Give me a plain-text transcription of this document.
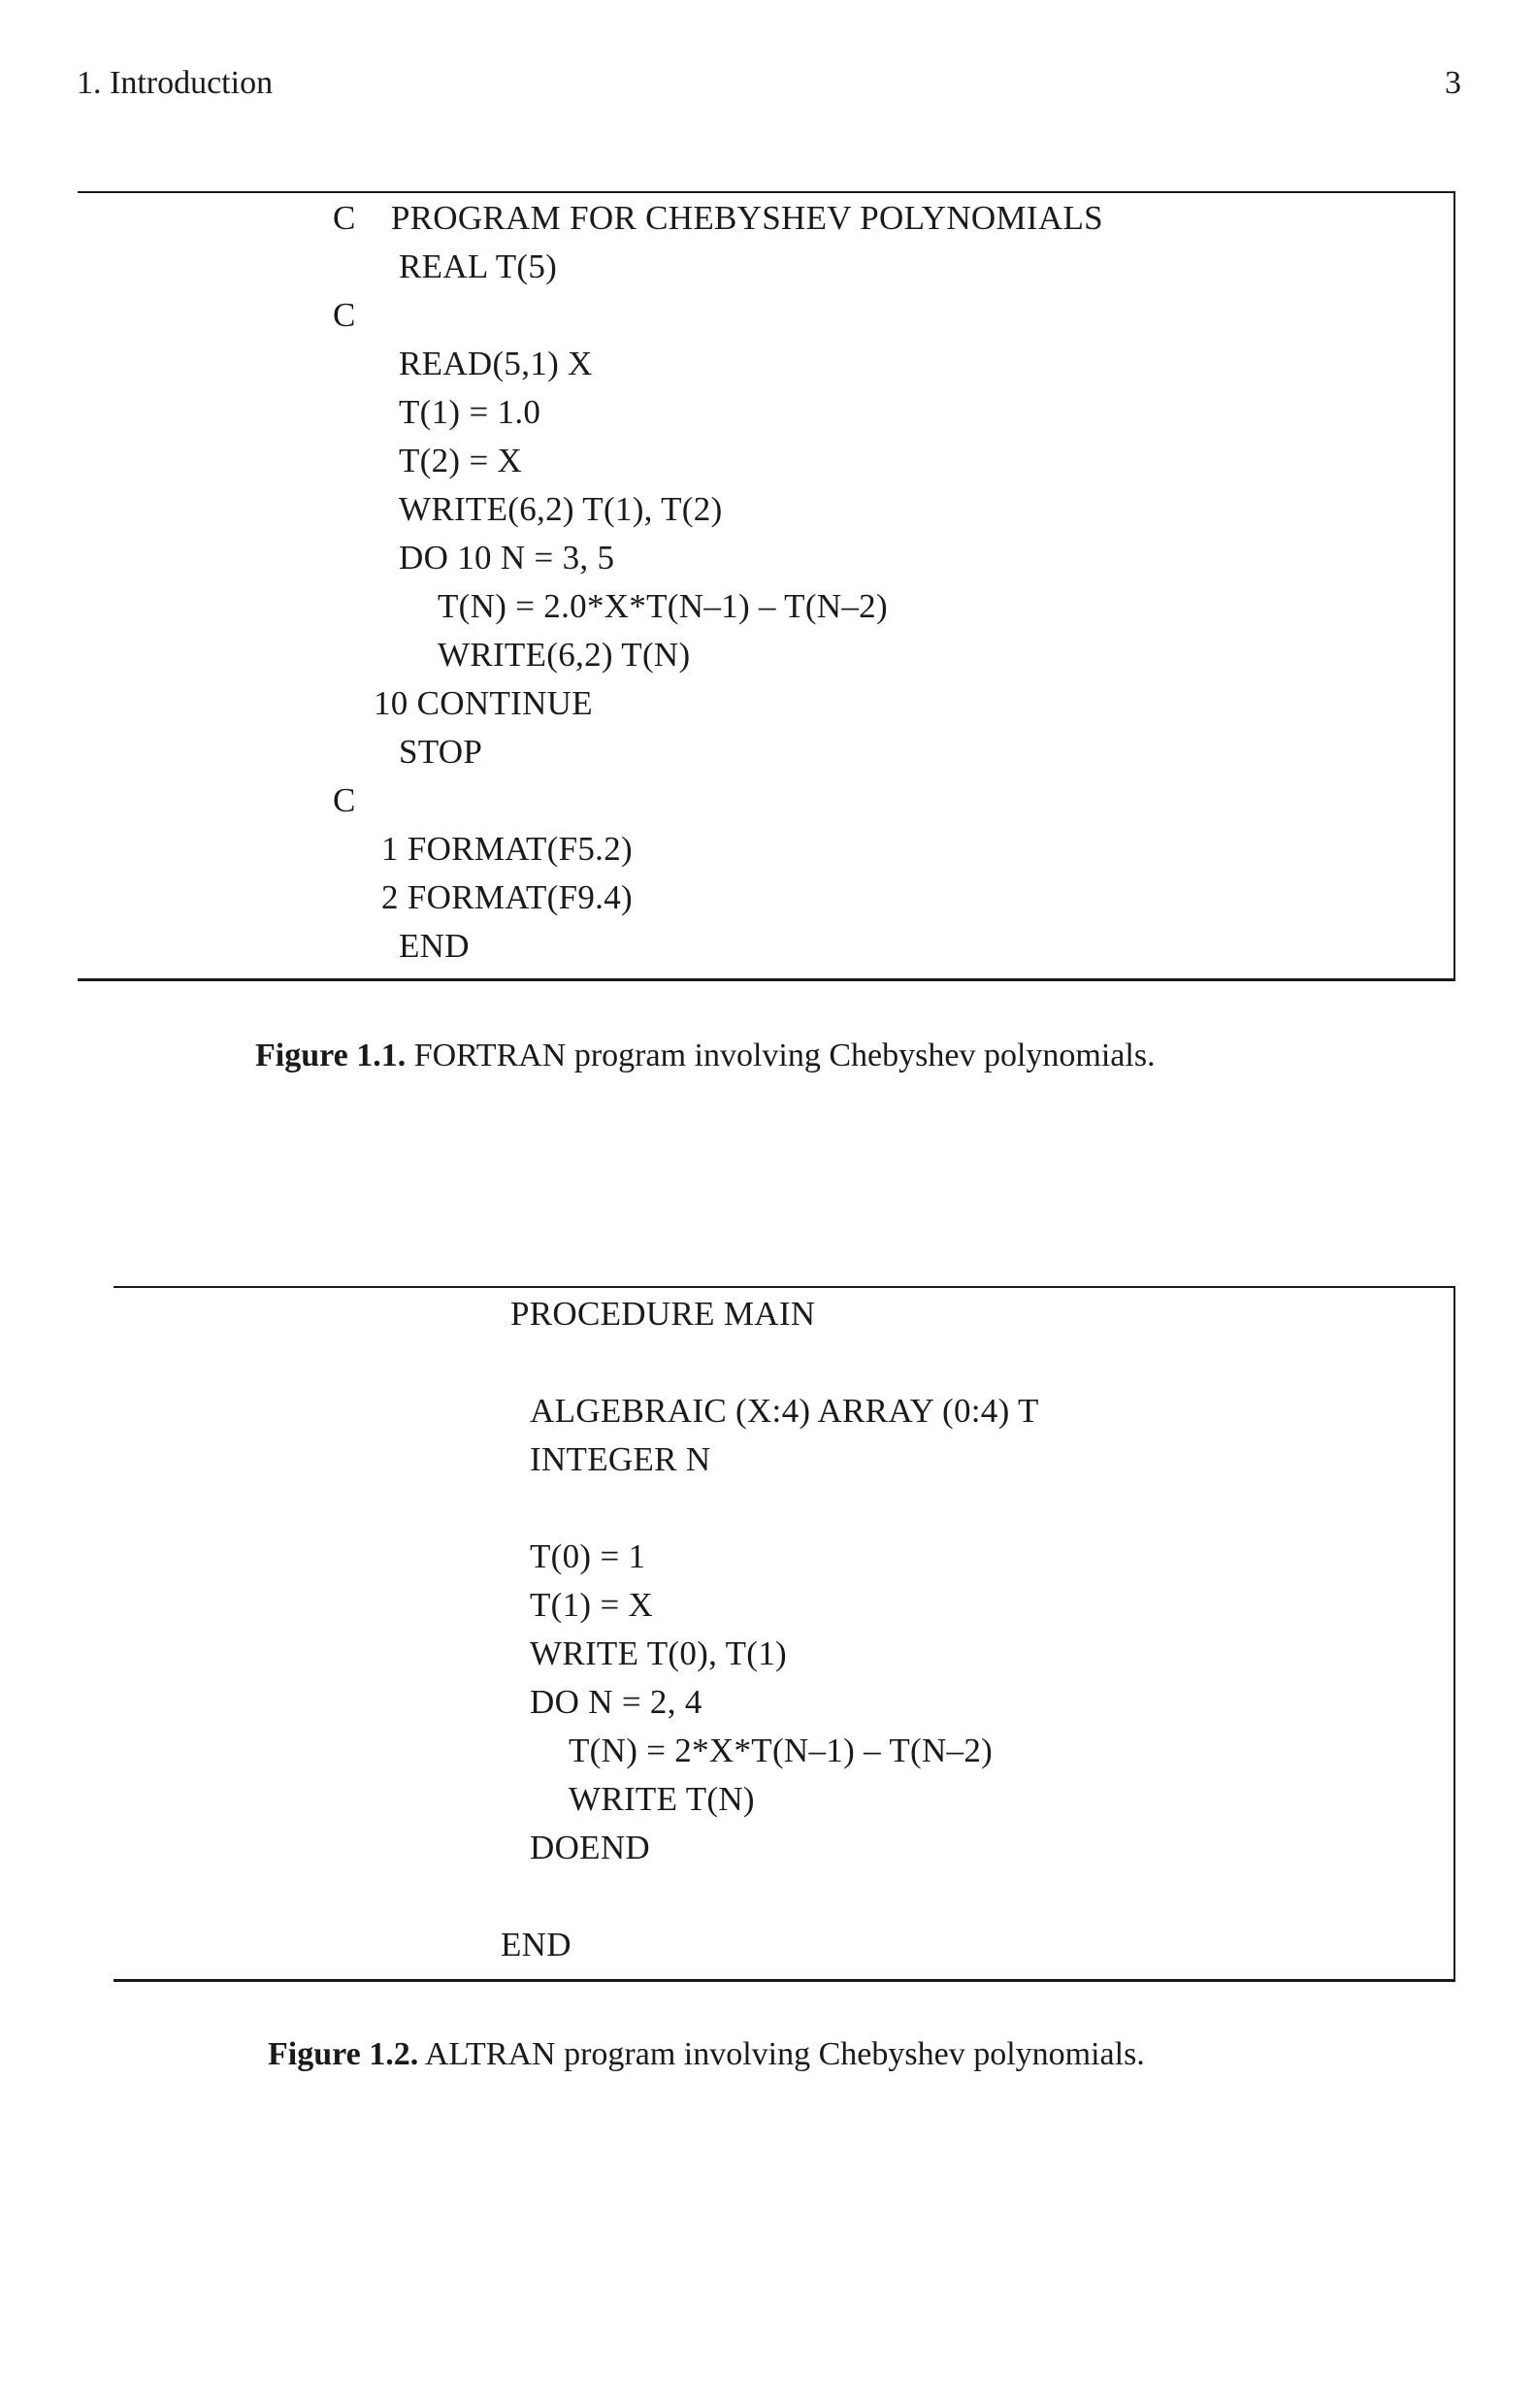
1. Introduction	3
C    PROGRAM FOR CHEBYSHEV POLYNOMIALS
REAL T(5)
C
READ(5,1) X
T(1) = 1.0
T(2) = X
WRITE(6,2) T(1), T(2)
DO 10 N = 3, 5
T(N) = 2.0*X*T(N–1) – T(N–2)
WRITE(6,2) T(N)
10 CONTINUE
STOP
C
1 FORMAT(F5.2)
2 FORMAT(F9.4)
END
Figure 1.1. FORTRAN program involving Chebyshev polynomials.
PROCEDURE MAIN
ALGEBRAIC (X:4) ARRAY (0:4) T
INTEGER N
T(0) = 1
T(1) = X
WRITE T(0), T(1)
DO N = 2, 4
T(N) = 2*X*T(N–1) – T(N–2)
WRITE T(N)
DOEND
END
Figure 1.2. ALTRAN program involving Chebyshev polynomials.
